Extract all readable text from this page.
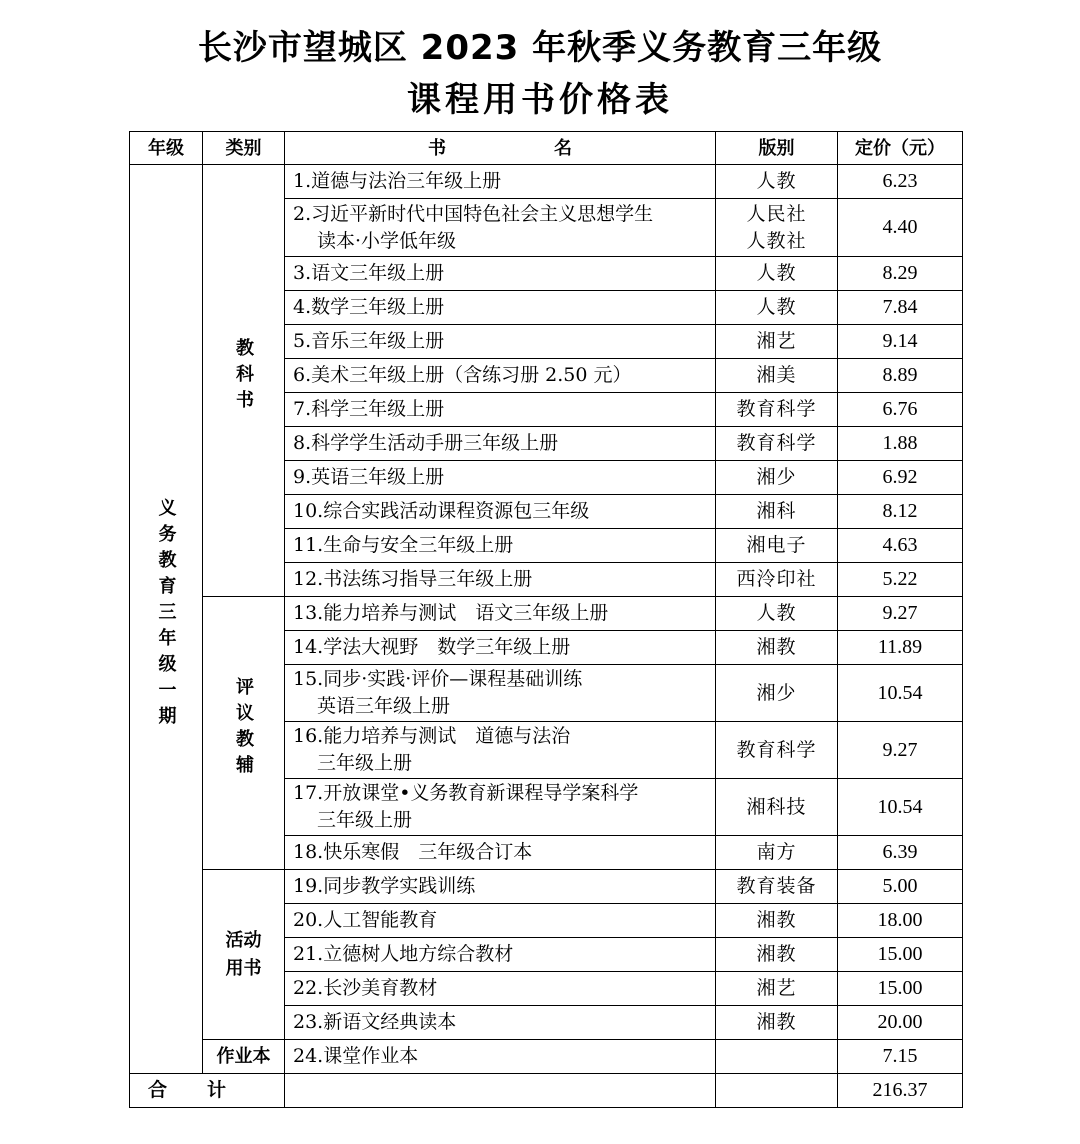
长沙市望城区 2023 年秋季义务教育三年级
课程用书价格表
年级	类别	书　　　　　　名	版别	定价（元）
义务教育三年级一期	教科书	1.道德与法治三年级上册	人教	6.23

		2.习近平新时代中国特色社会主义思想学生
读本·小学低年级	人民社
人教社	4.40
		3.语文三年级上册	人教	8.29
		4.数学三年级上册	人教	7.84
		5.音乐三年级上册	湘艺	9.14
		6.美术三年级上册（含练习册 2.50 元）	湘美	8.89
		7.科学三年级上册	教育科学	6.76
		8.科学学生活动手册三年级上册	教育科学	1.88
		9.英语三年级上册	湘少	6.92
		10.综合实践活动课程资源包三年级	湘科	8.12
		11.生命与安全三年级上册	湘电子	4.63
		12.书法练习指导三年级上册	西泠印社	5.22
	评议教辅	13.能力培养与测试　语文三年级上册	人教	9.27
		14.学法大视野　数学三年级上册	湘教	11.89

		15.同步·实践·评价—课程基础训练
英语三年级上册	湘少	10.54

		16.能力培养与测试　道德与法治
三年级上册	教育科学	9.27

		17.开放课堂•义务教育新课程导学案科学
三年级上册	湘科技	10.54
		18.快乐寒假　三年级合订本	南方	6.39
	活动用书	19.同步教学实践训练	教育装备	5.00
		20.人工智能教育	湘教	18.00
		21.立德树人地方综合教材	湘教	15.00
		22.长沙美育教材	湘艺	15.00
		23.新语文经典读本	湘教	20.00
	作业本	24.课堂作业本		7.15
合计				216.37
